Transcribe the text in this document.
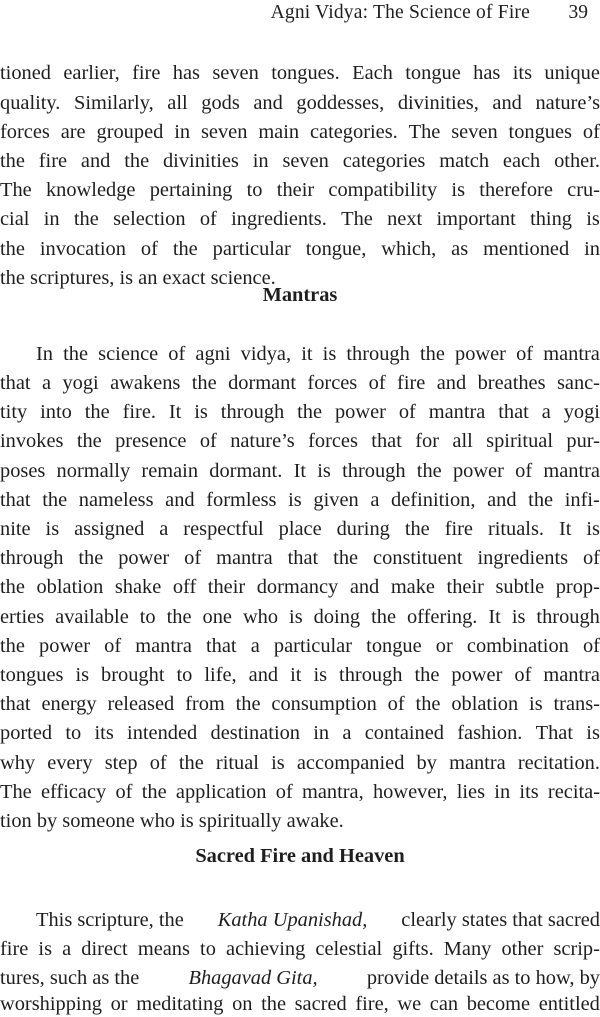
Agni Vidya: The Science of Fire 39
tioned earlier, fire has seven tongues. Each tongue has its unique
quality. Similarly, all gods and goddesses, divinities, and nature’s
forces are grouped in seven main categories. The seven tongues of
the fire and the divinities in seven categories match each other.
The knowledge pertaining to their compatibility is therefore cru-
cial in the selection of ingredients. The next important thing is
the invocation of the particular tongue, which, as mentioned in
the scriptures, is an exact science.
Mantras
In the science of agni vidya, it is through the power of mantra
that a yogi awakens the dormant forces of fire and breathes sanc-
tity into the fire. It is through the power of mantra that a yogi
invokes the presence of nature’s forces that for all spiritual pur-
poses normally remain dormant. It is through the power of mantra
that the nameless and formless is given a definition, and the infi-
nite is assigned a respectful place during the fire rituals. It is
through the power of mantra that the constituent ingredients of
the oblation shake off their dormancy and make their subtle prop-
erties available to the one who is doing the offering. It is through
the power of mantra that a particular tongue or combination of
tongues is brought to life, and it is through the power of mantra
that energy released from the consumption of the oblation is trans-
ported to its intended destination in a contained fashion. That is
why every step of the ritual is accompanied by mantra recitation.
The efficacy of the application of mantra, however, lies in its recita-
tion by someone who is spiritually awake.
Sacred Fire and Heaven
This scripture, the Katha Upanishad, clearly states that sacred
fire is a direct means to achieving celestial gifts. Many other scrip-
tures, such as the Bhagavad Gita, provide details as to how, by
worshipping or meditating on the sacred fire, we can become entitled
